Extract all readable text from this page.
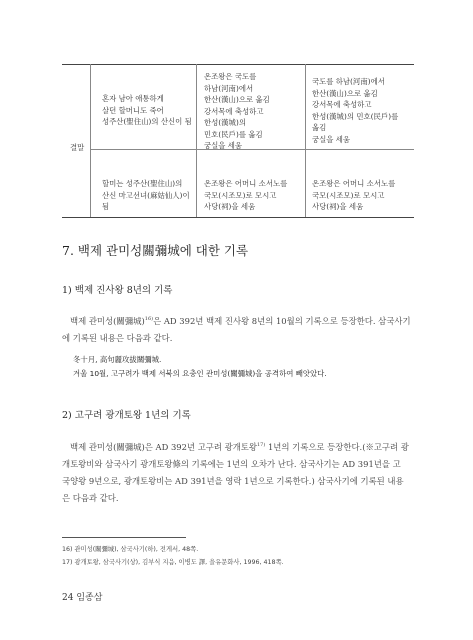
결말
혼자 남아 애통하게
살던 할머니도 죽어
성주산(聖住山)의 산신이 됨
온조왕은 국도를
하남(河南)에서
한산(漢山)으로 옮김
강서목에 축성하고
한성(漢城)의
민호(民戶)를 옮김
궁실을 세움
국도를 하남(河南)에서
한산(漢山)으로 옮김
강서목에 축성하고
한성(漢城)의 민호(民戶)를
옮김
궁실을 세움
할미는 성주산(聖住山)의
산신 마고선녀(麻姑仙人)이
됨
온조왕은 어머니 소서노를
국모(시조모)로 모시고
사당(祠)을 세움
온조왕은 어머니 소서노를
국모(시조모)로 모시고
사당(祠)을 세움
7. 백제 관미성關彌城에 대한 기록
1) 백제 진사왕 8년의 기록
백제 관미성(關彌城)$^{16)}$은 AD 392년 백제 진사왕 8년의 10월의 기록으로 등장한다. 삼국사기
에 기록된 내용은 다음과 같다.
冬十月, 高句麗攻拔關彌城.
겨울 10월, 고구려가 백제 서북의 요충인 관미성(關彌城)을 공격하여 빼앗았다.
2) 고구려 광개토왕 1년의 기록
백제 관미성(關彌城)은 AD 392년 고구려 광개토왕$^{17)}$ 1년의 기록으로 등장한다.(※고구려 광
개토왕비와 삼국사기 광개토왕條의 기록에는 1년의 오차가 난다. 삼국사기는 AD 391년을 고
국양왕 9년으로, 광개토왕비는 AD 391년을 영락 1년으로 기록한다.) 삼국사기에 기록된 내용
은 다음과 같다.
16) 관미성(關彌城), 삼국사기(하), 전게서, 48쪽.
17) 광개토왕, 삼국사기(상), 김부식 지음, 이병도 譯, 을유문화사, 1996, 418쪽.
24 임종삼
